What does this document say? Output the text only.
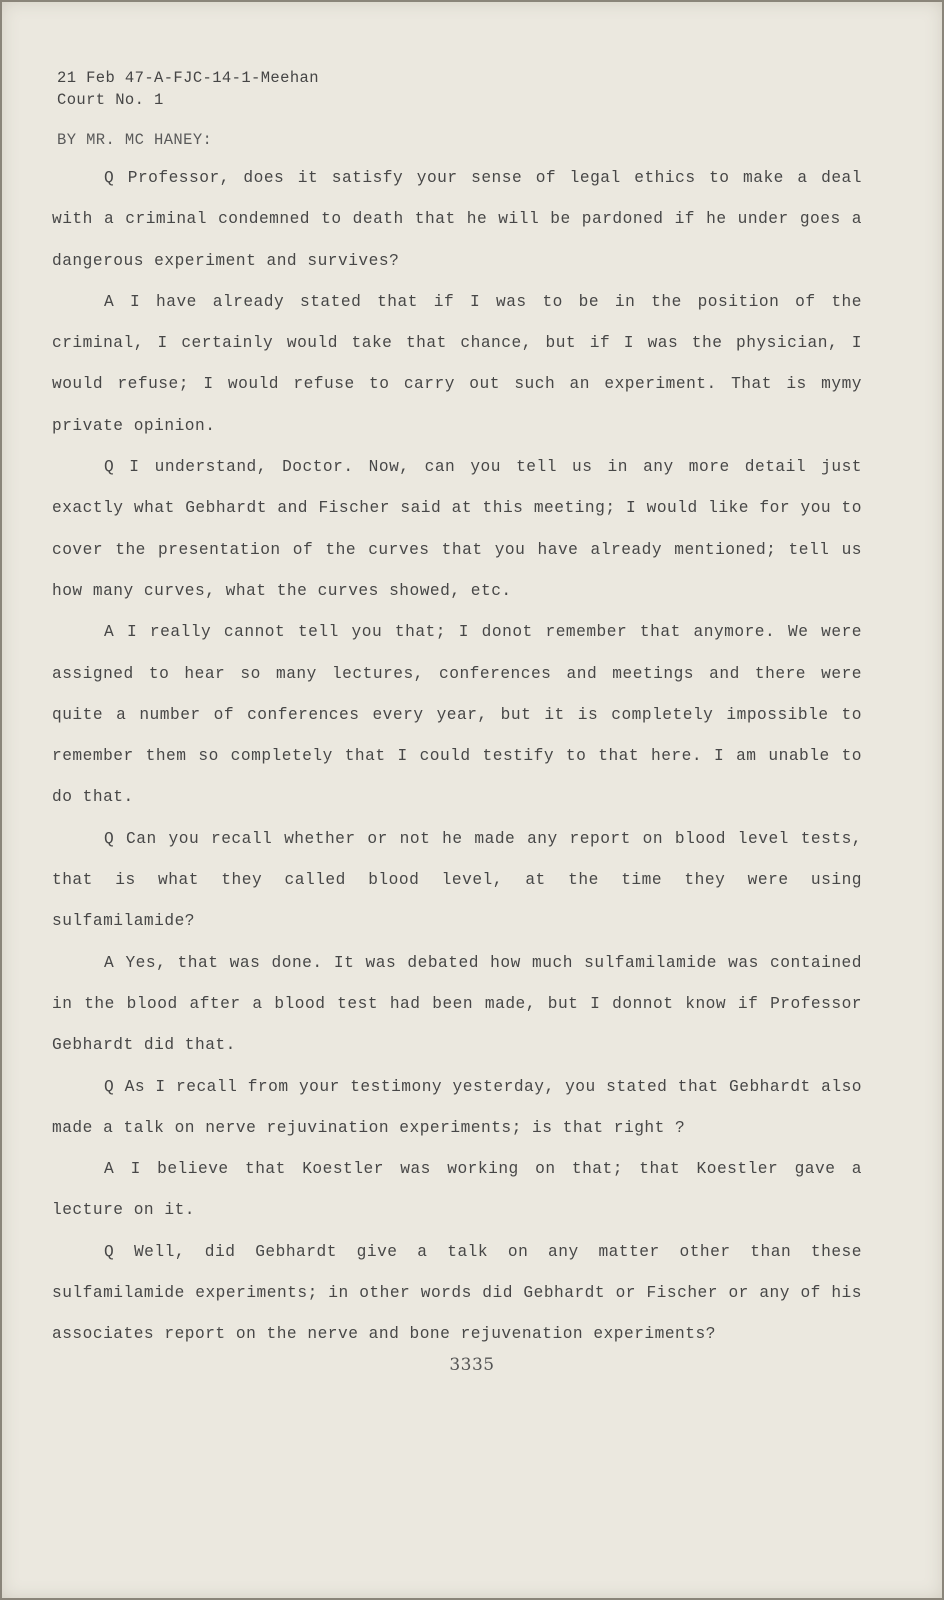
21 Feb 47-A-FJC-14-1-Meehan
Court No. 1
BY MR. MC HANEY:

Q Professor, does it satisfy your sense of legal ethics to make a deal with a criminal condemned to death that he will be pardoned if he under goes a dangerous experiment and survives?

A I have already stated that if I was to be in the position of the criminal, I certainly would take that chance, but if I was the physician, I would refuse; I would refuse to carry out such an experiment. That is mymy private opinion.

Q I understand, Doctor. Now, can you tell us in any more detail just exactly what Gebhardt and Fischer said at this meeting; I would like for you to cover the presentation of the curves that you have already mentioned; tell us how many curves, what the curves showed, etc.

A I really cannot tell you that; I donot remember that anymore. We were assigned to hear so many lectures, conferences and meetings and there were quite a number of conferences every year, but it is completely impossible to remember them so completely that I could testify to that here. I am unable to do that.

Q Can you recall whether or not he made any report on blood level tests, that is what they called blood level, at the time they were using sulfamilamide?

A Yes, that was done. It was debated how much sulfamilamide was contained in the blood after a blood test had been made, but I donnot know if Professor Gebhardt did that.

Q As I recall from your testimony yesterday, you stated that Gebhardt also made a talk on nerve rejuvination experiments; is that right ?

A I believe that Koestler was working on that; that Koestler gave a lecture on it.

Q Well, did Gebhardt give a talk on any matter other than these sulfamilamide experiments; in other words did Gebhardt or Fischer or any of his associates report on the nerve and bone rejuvenation experiments?

3335
